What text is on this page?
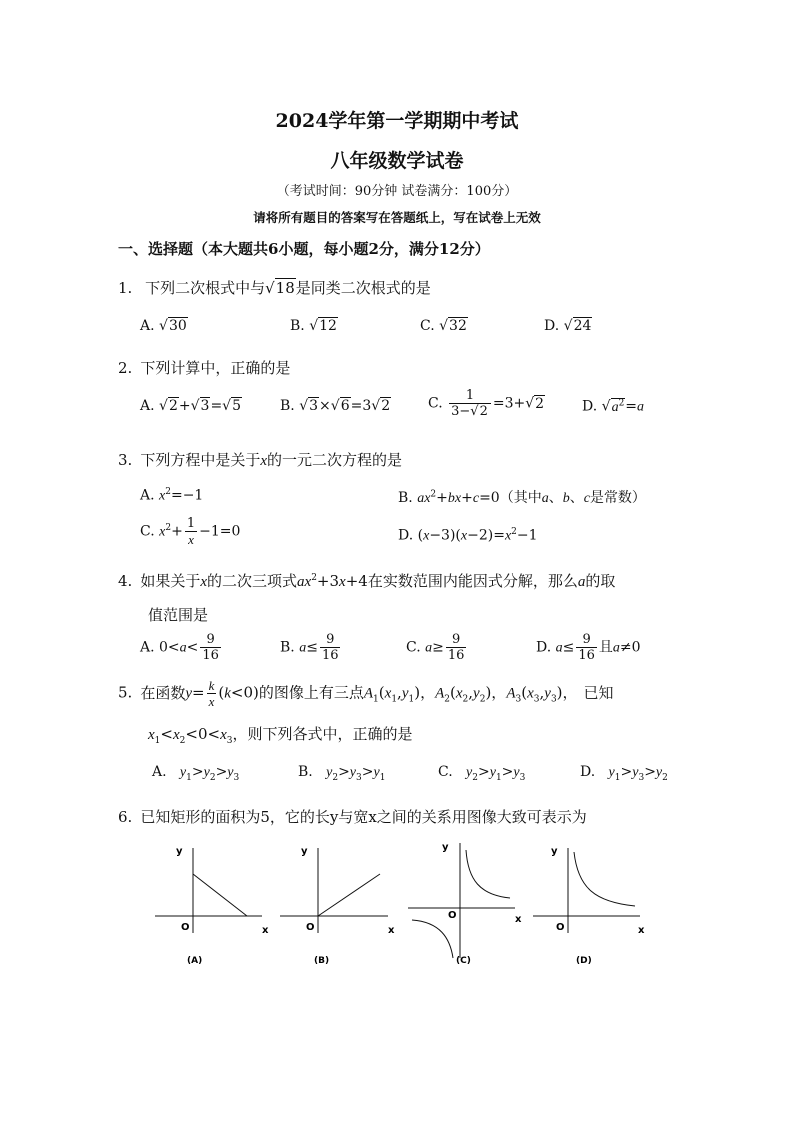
2024学年第一学期期中考试
八年级数学试卷
（考试时间：90分钟 试卷满分：100分）
请将所有题目的答案写在答题纸上，写在试卷上无效
一、选择题（本大题共6小题，每小题2分，满分12分）
1. 下列二次根式中与√18是同类二次根式的是
A. √30	B. √12	C. √32	D. √24
2. 下列计算中，正确的是
A. √2+√3=√5	B. √3×√6=3√2	C. $\frac{1}{3-√2} =3+√2$	D. $√a^2=a$
3. 下列方程中是关于x的一元二次方程的是
A. $x^2=-1$	B. $ax^2+bx+c=0$（其中a、b、c是常数）
C. $x^2+ \frac{1}{x} -1=0$	D. $(x-3)(x-2)=x^2-1$
4. 如果关于x的二次三项式$ax^2+3x+4$在实数范围内能因式分解，那么a的取
值范围是
A. $0<a< \frac{9}{16}$	B. $a\le \frac{9}{16}$	C. $a\ge \frac{9}{16}$	D. $a\le \frac{9}{16}$ 且a≠0
5. 在函数$y= \frac{k}{x} (k<0)$的图像上有三点$A_1(x_1,y_1)$，$A_2(x_2,y_2)$，$A_3(x_3,y_3)$， 已知
$x_1<x_2<0<x_3$，则下列各式中，正确的是
A. $y_1>y_2>y_3$	B. $y_2>y_3>y_1$	C. $y_2>y_1>y_3$	D. $y_1>y_3>y_2$
6. 已知矩形的面积为5，它的长y与宽x之间的关系用图像大致可表示为
y
O	x
(A)
y
O	x
(B)
y
O	x
(C)
y
O	x
(D)
